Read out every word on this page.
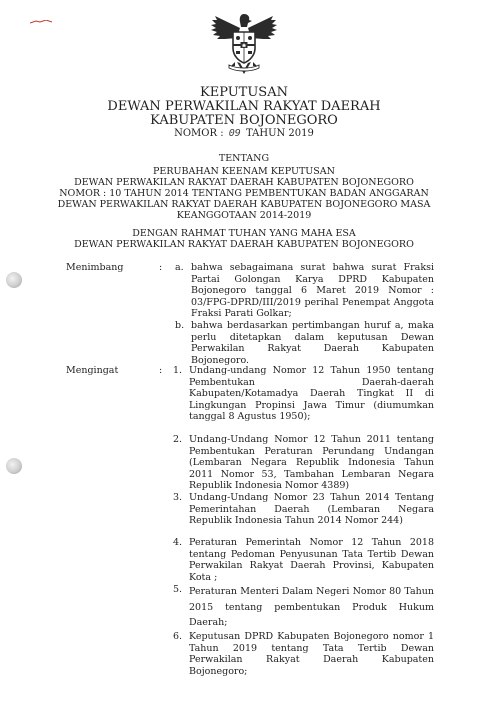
KEPUTUSAN
DEWAN PERWAKILAN RAKYAT DAERAH
KABUPATEN BOJONEGORO
NOMOR : 09 TAHUN 2019
TENTANG
PERUBAHAN KEENAM KEPUTUSAN
DEWAN PERWAKILAN RAKYAT DAERAH KABUPATEN BOJONEGORO
NOMOR : 10 TAHUN 2014 TENTANG PEMBENTUKAN BADAN ANGGARAN
DEWAN PERWAKILAN RAKYAT DAERAH KABUPATEN BOJONEGORO MASA
KEANGGOTAAN 2014-2019
DENGAN RAHMAT TUHAN YANG MAHA ESA
DEWAN PERWAKILAN RAKYAT DAERAH KABUPATEN BOJONEGORO
Menimbang	: a. bahwa sebagaimana surat bahwa surat Fraksi Partai Golongan Karya DPRD Kabupaten Bojonegoro tanggal 6 Maret 2019 Nomor : 03/FPG-DPRD/III/2019 perihal Penempat Anggota Fraksi Parati Golkar;
b. bahwa berdasarkan pertimbangan huruf a, maka perlu ditetapkan dalam keputusan Dewan Perwakilan Rakyat Daerah Kabupaten Bojonegoro.
Mengingat	: 1. Undang-undang Nomor 12 Tahun 1950 tentang Pembentukan Daerah-daerah Kabupaten/Kotamadya Daerah Tingkat II di Lingkungan Propinsi Jawa Timur (diumumkan tanggal 8 Agustus 1950);
2. Undang-Undang Nomor 12 Tahun 2011 tentang Pembentukan Peraturan Perundang Undangan (Lembaran Negara Republik Indonesia Tahun 2011 Nomor 53, Tambahan Lembaran Negara Republik Indonesia Nomor 4389)
3. Undang-Undang Nomor 23 Tahun 2014 Tentang Pemerintahan Daerah (Lembaran Negara Republik Indonesia Tahun 2014 Nomor 244)
4. Peraturan Pemerintah Nomor 12 Tahun 2018 tentang Pedoman Penyusunan Tata Tertib Dewan Perwakilan Rakyat Daerah Provinsi, Kabupaten Kota ;
5. Peraturan Menteri Dalam Negeri Nomor 80 Tahun 2015 tentang pembentukan Produk Hukum Daerah;
6. Keputusan DPRD Kabupaten Bojonegoro nomor 1 Tahun 2019 tentang Tata Tertib Dewan Perwakilan Rakyat Daerah Kabupaten Bojonegoro;
